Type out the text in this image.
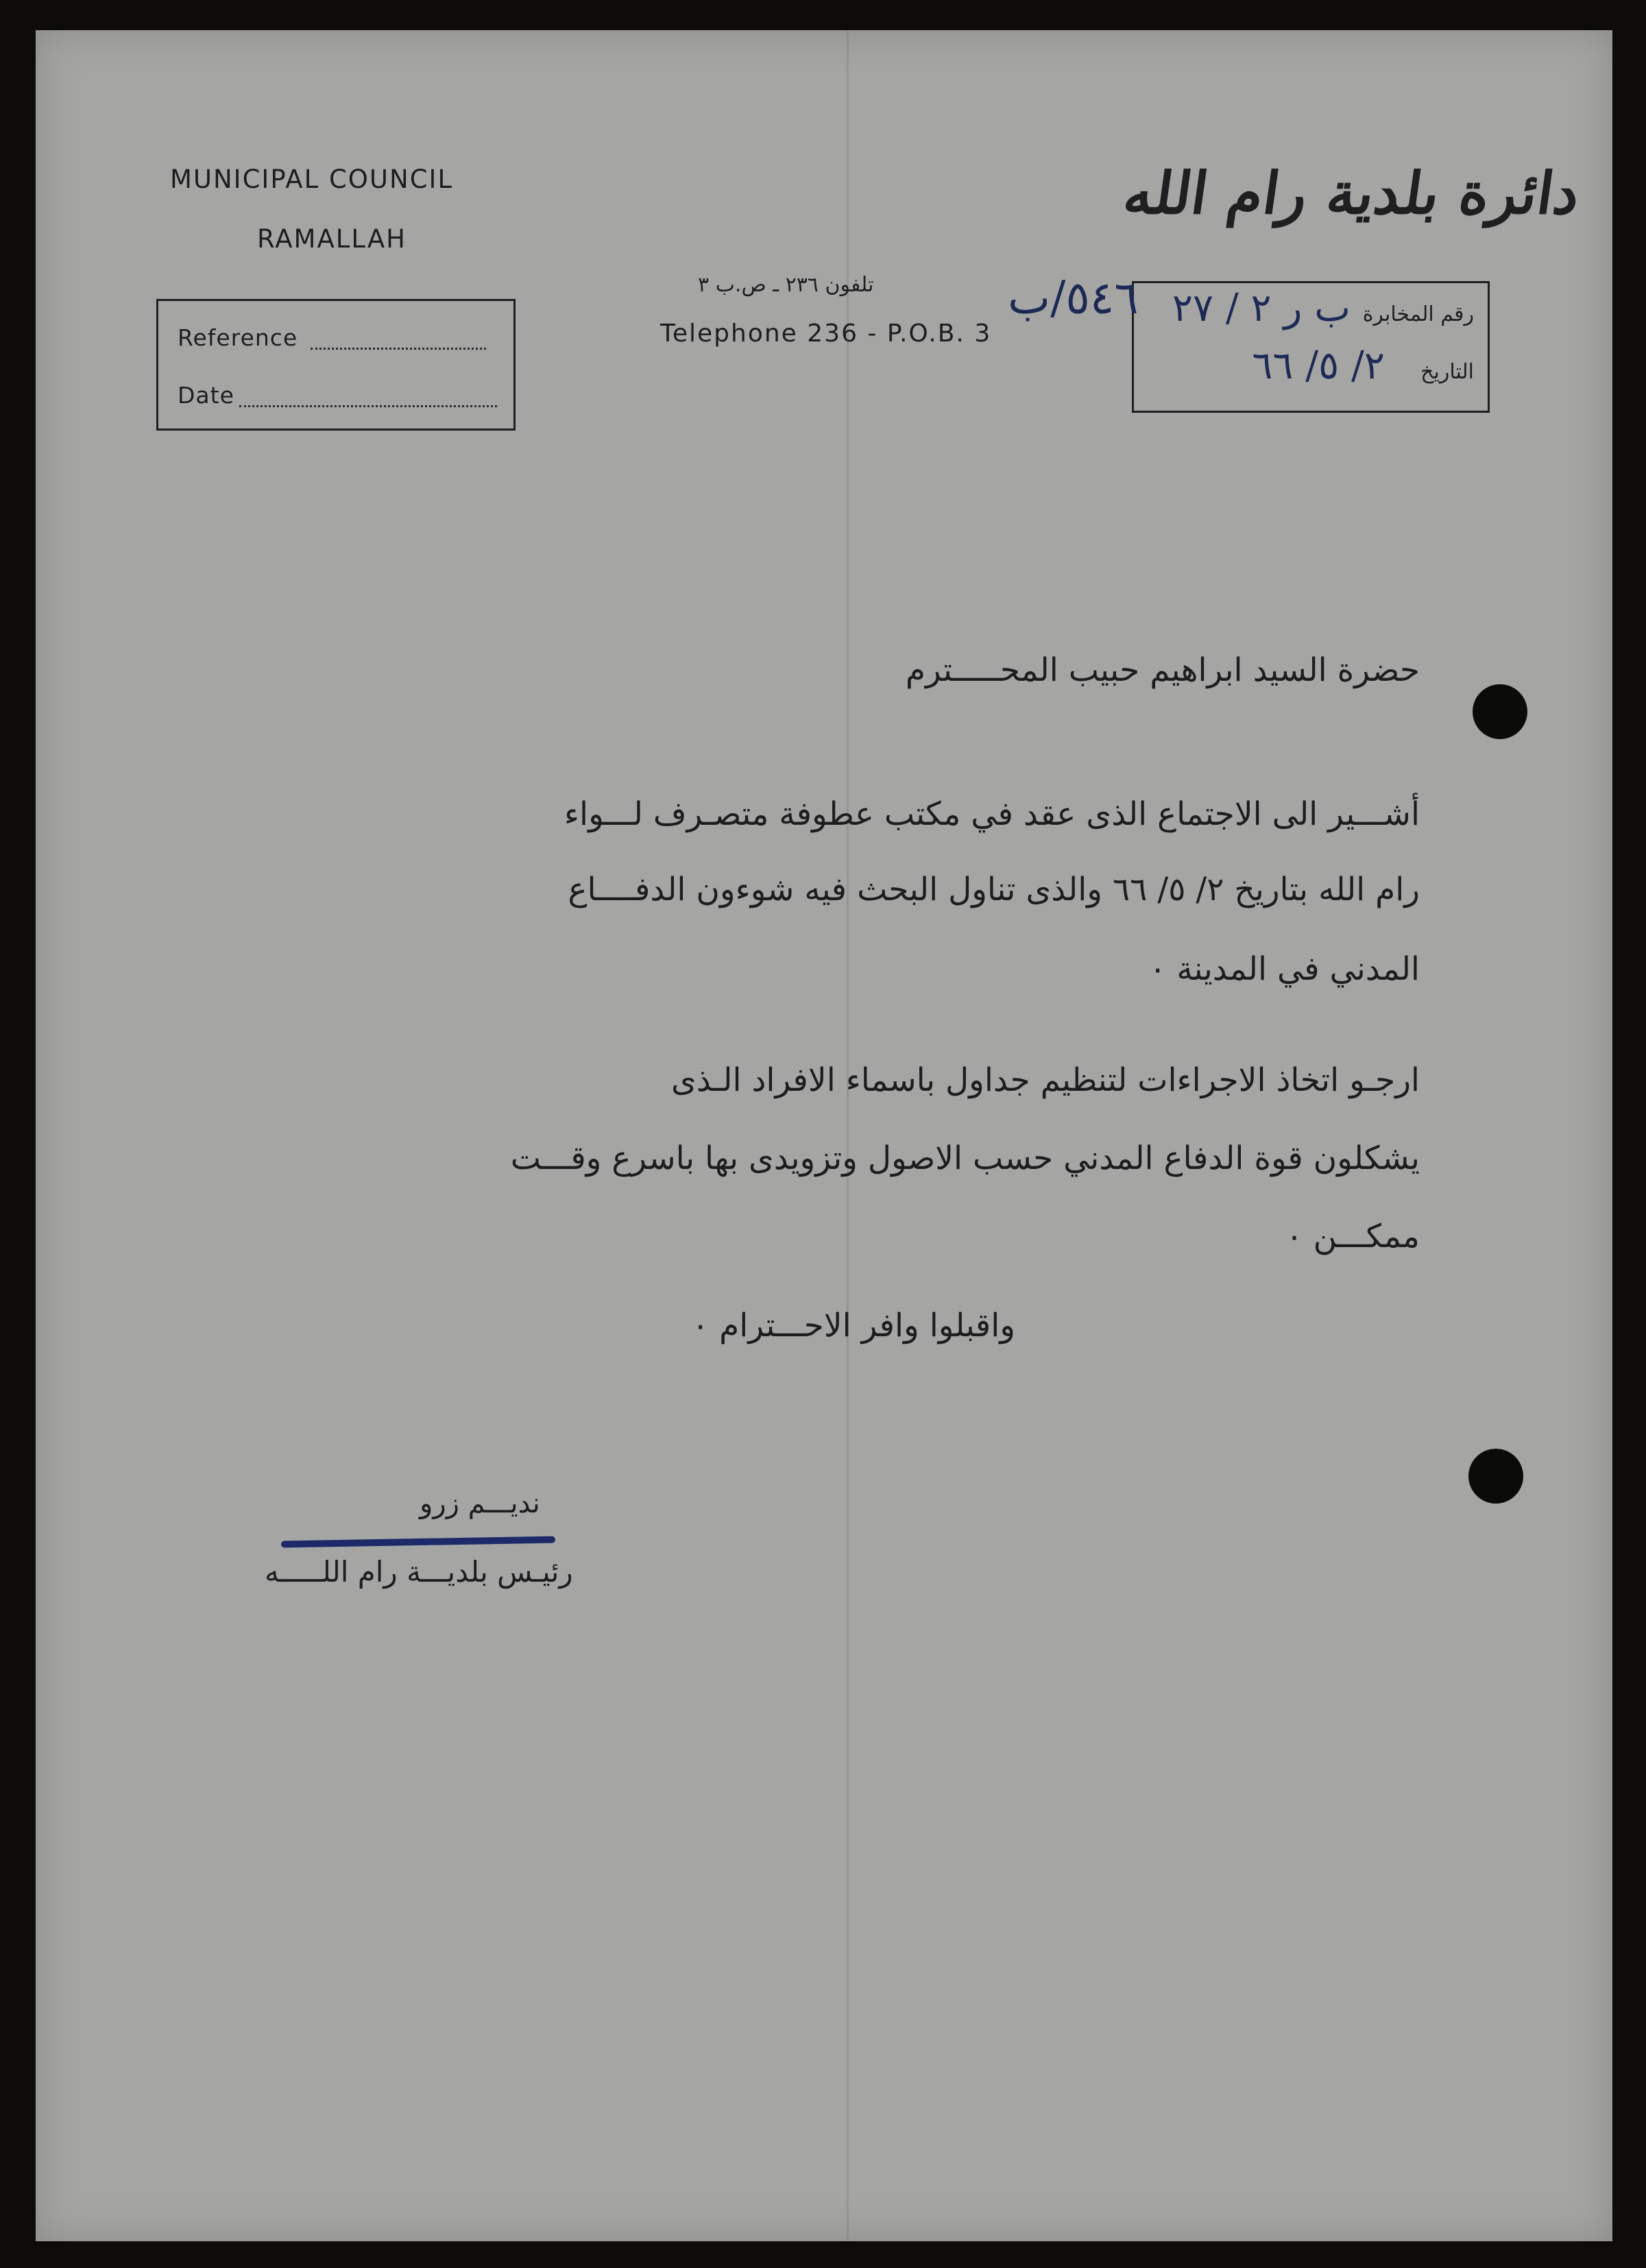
MUNICIPAL COUNCIL
RAMALLAH
Reference
Date
تلفون ٢٣٦ ـ ص.ب ٣
Telephone 236 - P.O.B. 3
دائرة بلدية رام الله
رقم المخابرة
التاريخ
ب ر ٢ / ٢٧
٢/ ٥/ ٦٦
٥٤٦/ب
حضرة السيد ابراهيم حبيب المحـــــترم
أشـــير الى الاجتماع الذى عقد في مكتب عطوفة متصـرف لـــواء
رام الله بتاريخ ٢/ ٥/ ٦٦ والذى تناول البحث فيه شوءون الدفــــاع
المدني في المدينة ٠
ارجـو اتخاذ الاجراءات لتنظيم جداول باسماء الافراد الـذى
يشكلون قوة الدفاع المدني حسب الاصول وتزويدى بها باسرع وقـــت
ممكـــن ٠
واقبلوا وافر الاحـــترام ٠
نديـــم زرو
رئيـس بلديـــة رام اللـــــه
